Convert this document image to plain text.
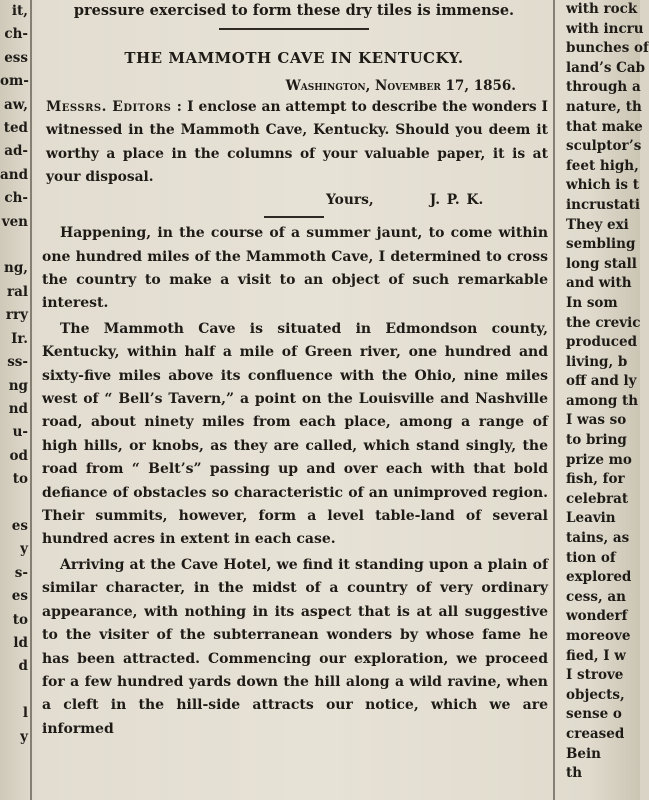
it,
ch-
ess
om-
aw,
ted
ad-
and
ch-
ven

ng,
ral
rry
Ir.
ss-
ng
nd
u-
od
to

es
y
s-
es
to
ld
d

l
y
pressure exercised to form these dry tiles is immense.
THE MAMMOTH CAVE IN KENTUCKY.
Washington, November 17, 1856.
Messrs. Editors : I enclose an attempt to describe the wonders I witnessed in the Mammoth Cave, Kentucky. Should you deem it worthy a place in the columns of your valuable paper, it is at your disposal.
Yours,	J. P. K.

Happening, in the course of a summer jaunt, to come within one hundred miles of the Mammoth Cave, I determined to cross the country to make a visit to an object of such remarkable interest.

The Mammoth Cave is situated in Edmondson county, Kentucky, within half a mile of Green river, one hundred and sixty-five miles above its confluence with the Ohio, nine miles west of “ Bell’s Tavern,” a point on the Louisville and Nashville road, about ninety miles from each place, among a range of high hills, or knobs, as they are called, which stand singly, the road from “ Belt’s” passing up and over each with that bold defiance of obstacles so characteristic of an unimproved region. Their summits, however, form a level table-land of several hundred acres in extent in each case.

Arriving at the Cave Hotel, we find it standing upon a plain of similar character, in the midst of a country of very ordinary appearance, with nothing in its aspect that is at all suggestive to the visiter of the subterranean wonders by whose fame he has been attracted. Commencing our exploration, we proceed for a few hundred yards down the hill along a wild ravine, when a cleft in the hill-side attracts our notice, which we are informed

with rock
with incru
bunches of
land’s Cab
through a
nature, th
that make
sculptor’s
feet high,
which is t
incrustati
They exi
sembling
long stall
and with
In som
the crevic
produced
living, b
off and ly
among th
I was so
to bring
prize mo
fish, for
celebrat
Leavin
tains, as
tion of
explored
cess, an
wonderf
moreove
fied, I w
I strove
objects,
sense o
creased
Bein
th
